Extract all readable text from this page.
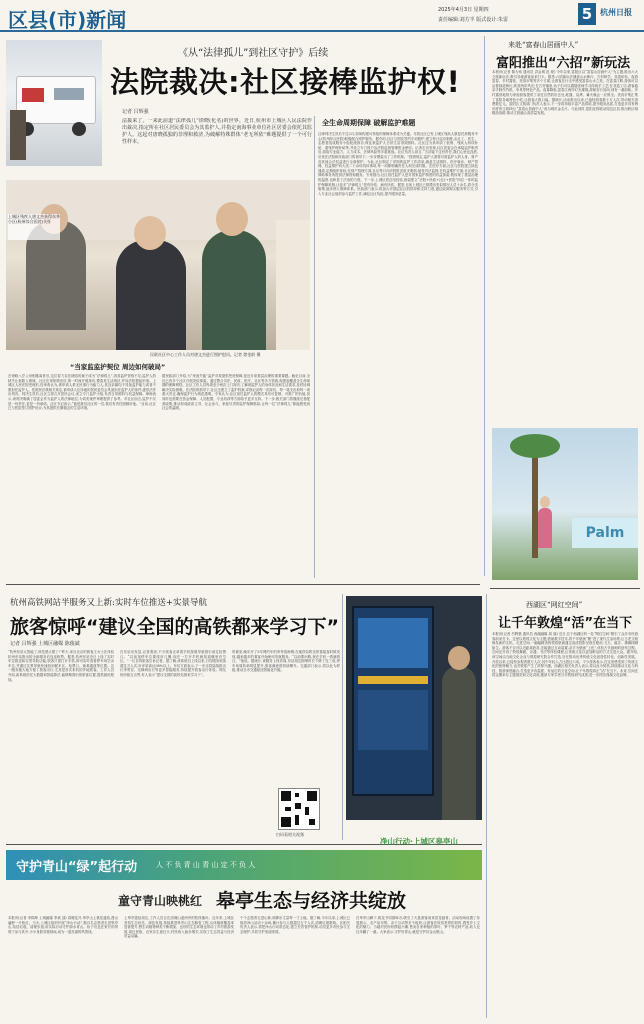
区县(市)新闻	2025年4月3日 星期四
责任编辑:刘方半 版式设计:朱雷	5 杭州日报
《从“法律孤儿”到社区守护》后续
法院裁决:社区接棒监护权!
记者 吕辉强
法援来了。一来此前道“法律孤儿”徐晓(化名)的世界。近日,杭州市上城区人民法院作出裁决,指定所在社区居民委员会为其监护人,并指定南海事业单位社区居委会依托其监护人。这起对唐晓孤独的非理和救济,为破解特殊群体“老无所依”难题提供了一个可行性样本。
全生命周期保障 破解监护难题
注律判决生效后不过2月,如何构建可持续的保障体系成为关键。尽管社区已有上城区残疾人康复托养服务中心(杭州综合医院)积极配合照护服务。据介绍,社区与医院签约专项照护,建立每日巡访制度,由社工、医生、志愿者组成服务小组轮流探访,保证被监护人日常生活得到照料。社区还为其申请了低保、残疾人两项补贴、重残护理补贴等,并设立专门账户由法院监督管理资金使用。记者走访发现,社区居委会在承接监护职责后,面临专业能力、人力成本、法律风险等多重挑战。社区负责人坦言,“当初接下这份责任,我们心里也没底,后来在法院和民政部门的指导下,一步步摸索出了工作机制。”按照规定,监护人需要对被监护人的人身、财产及其他合法权益进行全面保护。为此,社区制定了详细的监护工作清单,涵盖生活照料、医疗就诊、财产管理、权益维护四大类二十余项具体事项,每一项都明确责任人和完成时限。在医疗方面,社区与医院建立绿色通道,定期组织体检;在财产管理方面,社区每月向法院报送收支明细,接受司法监督;在权益维护方面,社区联合律师事务所提供法律咨询服务。专家指出,社区担任监护人是对国家监护制度的有益探索,既体现了基层治理的温度,也彰显了法治的力度。下一步,上城区将总结经验,探索建立“法院+民政+社区+医院”四位一体的监护保障机制,让更多“法律孤儿”老有所依、病有所医。据悉,目前上城区已排摸出类似情况人员十余名,将分类施策,逐步纳入保障体系。民政部门表示,将加大对基层社区的指导和支持力度,通过政府购买服务等方式,引入专业社会组织参与监护工作,减轻社区负担,提升服务质量。
上城区残疾人唐文杰获得东华小区(杭州综合医院)关怀
民联社区中心工作人员对唐文杰进行照护慰问。记者 徐金龄 摄
“当家监监护契位 周边如何破局”
在徐晓八岁父母相继离世后,这位智力存在缺陷的童子成为“法律孤儿”,因其监护资格不足,监护人的缺失让他陷入困境。社区在得知情况后,第一时间开展探访,摸清其生活现状,并向法院提起申请。上城区人民法院受理后,经审查认为,被申请人系无民事行为能力人,其近亲属均不具备监护能力或者不愿担任监护人。依照民法典相关规定,被申请人住所地的居民委员会具备担任监护人的条件,遂依法作出判决。判决生效后,社区立即召开居民会议,成立专门监护小组,负责日常照料与权益保障。律师表示,该判决明确了居委会作为监护人的法律地位,为同类案件审理提供了参考。对社区而言,监护不仅是一份责任,更是一份承诺。社区书记表示,“他是我们社区的一员,我们有责任照顾好他。”目前,社区已与医院签订照护协议,为其提供长期稳定的生活环境。
据民政部门介绍,为“家庭失能”监护对象提供兜底保障,是近年来基层治理的重要课题。截至目前,全区已有多个社区开展类似探索。通过整合司法、民政、医疗、社区等多方资源,构建起覆盖全生命周期的保障网络。社区工作人员每周至少两次上门探访,了解被监护人的身体状况和生活需求,及时协调解决实际困难。在法院的指导下,社区还建立了监护档案,详细记录每一次探访、每一笔支出和每一项重大决定,确保监护行为规范透明。专家认为,社区担任监护人的模式具有可复制、可推广的价值,但同时也需要在资金保障、人员配置、专业培训等方面给予更多支持。下一步,相关部门将继续完善配套政策,推动形成政府主导、社会参与、家庭尽责的监护保障格局,让每一位“法律孤儿”都能感受到社会的温暖。
来赴“富春山居画中人”
富阳推出“六招”新玩法
本报讯(记者 陈为伟 通讯员 洪金城 范 豪) 今年以来,富阳区以“富春山居画中人”为主题,推出六大文旅新玩法,吸引各地游客前来打卡。据悉,六招新玩法涵盖山水骑行、古村研学、非遗体验、夜游富春、乡村露营、美食市集等多个方面,让游客在行走中感受富春山水之美。在富春江畔,游客可以沿着绿道骑行,欣赏两岸风光;在古村落里,孩子们可以跟随老师学习传统手工艺;在非遗工坊,游客能亲手制作竹纸、伞具等特色产品。夜幕降临,富春江两岸灯光璀璨,游船穿行其间,别有一番韵味。乡村露营地则为家庭游客提供了亲近自然的好去处,帐篷、烧烤、篝火晚会一应俱全。美食市集汇集了富阳各地特色小吃,让游客大饱口福。据统计,活动推出以来,已接待游客数十万人次,带动相关消费数亿元。富阳区文旅部门负责人表示,下一步将持续丰富产品供给,提升服务品质,打造更多具有辨识度的文旅IP,让“富春山居画中人”成为城市金名片。与此同时,富阳还将联动周边区县,推出跨区域精品线路,推动文旅融合高质量发展。
Palm
西湖区“网红空间”
让千年敦煌“活”在当下
本报讯(记者 吕辉强 通讯员 西湖融媒 周 闻) 近日,位于西湖区的一处“网红空间”吸引了众多市民游客前来打卡。这里以敦煌文化为主题,借助数字技术,将千年壁画“搬”进了现代生活场景,让古老文明焕发新的生机。走进空间,一幅幅精美的敦煌壁画通过高清投影呈现在眼前,飞天、藻井、佛像栩栩如生。游客不仅可以近距离欣赏,还能通过互动装置,亲手为壁画“上色”,体验古代画师的创作过程。空间还开设了敦煌舞蹈、乐器、书法等体验课程,让传统文化以更加鲜活的方式走进大众。据介绍,该空间由当地文化企业与敦煌研究院合作打造,旨在推动优秀传统文化创造性转化、创新性发展。开放以来,已接待参观者数万人次,其中年轻人占比超过六成。不少游客表示,在这里感受到了传统文化的独特魅力,也对敦煌产生了浓厚兴趣。西湖区相关负责人表示,将以此为契机,持续推动文化与科技、旅游深度融合,打造更多有温度、有品位的文化空间,让千年敦煌真正“活”在当下。未来,空间还将定期举办主题展览和文化讲座,邀请专家学者分享敦煌研究成果,进一步擦亮西湖文化品牌。
杭州高铁网站半服务又上新:实时车位推送+实景导航
旅客惊呼“建议全国的高铁都来学习下”
记者 吕辉强 上城区融媒 陈俊斌
“杭州东站太智能了,科技感太强了!”昨天,来自北京的旅客王女士在体验杭州东站推出的全新服务后连连称赞。据悉,杭州东站近日上线了实时车位推送和实景导航功能,旅客只需打开手机,即可实时查看停车场空余车位,并通过实景导航快速找到候车区、检票口、换乘通道等位置。这一服务极大地方便了旅客出行,尤其是首次来杭的外地旅客。工作人员介绍,新系统依托大数据和智能算法,能够精准识别旅客位置,提供最优路线。
在东站出发层,记者看到,不少旅客正拿着手机按照导航指引前往检票口。“以前找停车位要绕好几圈,现在一打开手机就知道哪里有空位。”一位自驾旅客告诉记者。据了解,该系统自上线以来,日均服务旅客超过万人次,好评率高达98%以上。车站方面表示,下一步还将陆续推出行李寄存、无障碍出行等更多智能服务,持续提升旅客出行体验。网友纷纷留言点赞,有人表示“建议全国的高铁站都来学习下”。
扫码看相关视频
时候来,晚年开了5年网约车的李秀清师傅,在地铁站附近停靠接客时候发现,越来越多的乘客开始使用导航服务。“以前要问路,现在手机一看就明白。”他说。据统计,该服务上线首周,东站周边拥堵时长下降了近三成,停车场周转率明显提升,旅客满意度持续攀升。交通部门表示,将以此为样板,推动全市交通枢纽智能化升级。
守护青山“绿”起行动	人 不 负 青 山 青 山 定 不 负 人
净山行动·上城区皋亭山
童守青山映桃红 皋亭生态与经济共绽放
本报讯(记者 李锦坤 上城融媒 李欢 邵) 春暖花开,皋亭山上桃花盛放,漫山遍野一片粉红。当天,上城区组织开展“净山行动”,数百名志愿者走进皋亭山,捡拾垃圾、清理步道,用实际行动守护绿水青山。孩子们也在家长的带领下参与其中,小小身影穿梭林间,成为一道亮丽的风景线。
上皋亭遗址周边,工作人员正在清理山道两旁的枯枝落叶。近年来,上城区坚持生态优先、绿色发展,持续推进皋亭山生态修复工程,山体植被覆盖率显著提升,野生动植物种类不断增加。良好的生态环境也带动了乡村旅游发展,周边民宿、农家乐生意红火,村民收入稳步增长,实现了生态效益与经济效益双赢。
个个志愿者走进山林,用脚步丈量每一寸土地。据了解,今年以来,上城区已组织净山活动十余场,累计参与人数超过五千人次,清理垃圾数吨。区相关负责人表示,将把净山行动常态化,建立长效管护机制,动员更多市民参与生态保护,共同守护美丽家园。
在皋亭山脚下,桃花节同期举办,吸引了大批游客前来赏花踏青。活动现场设置了非遗展示、农产品市集、亲子互动等多个板块,让游客在欣赏美景的同时,感受乡土文化的魅力。当地村民纷纷摆起小摊,售卖自家种植的茶叶、笋干等农特产品,收入比往年翻了一番。大家表示,守护好青山,就是守护好金山银山。
